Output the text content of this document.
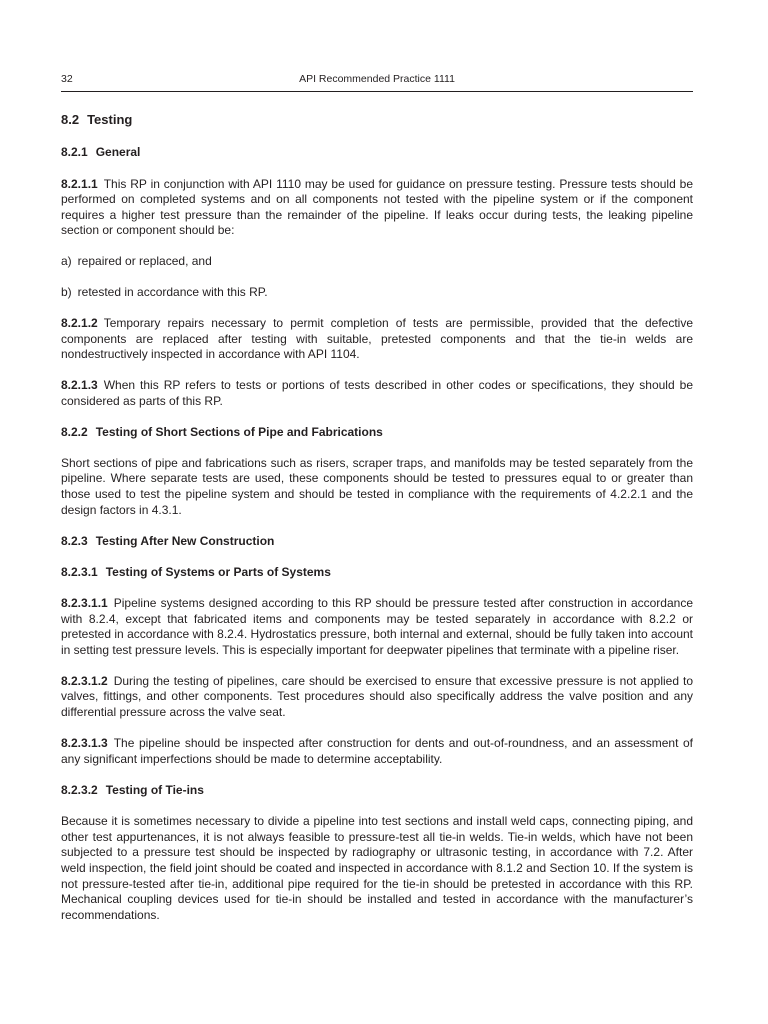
32	API Recommended Practice 1111
8.2 Testing
8.2.1 General

8.2.1.1 This RP in conjunction with API 1110 may be used for guidance on pressure testing. Pressure tests should be performed on completed systems and on all components not tested with the pipeline system or if the component requires a higher test pressure than the remainder of the pipeline. If leaks occur during tests, the leaking pipeline section or component should be:

a) repaired or replaced, and

b) retested in accordance with this RP.

8.2.1.2 Temporary repairs necessary to permit completion of tests are permissible, provided that the defective components are replaced after testing with suitable, pretested components and that the tie-in welds are nondestructively inspected in accordance with API 1104.

8.2.1.3 When this RP refers to tests or portions of tests described in other codes or specifications, they should be considered as parts of this RP.

8.2.2 Testing of Short Sections of Pipe and Fabrications

Short sections of pipe and fabrications such as risers, scraper traps, and manifolds may be tested separately from the pipeline. Where separate tests are used, these components should be tested to pressures equal to or greater than those used to test the pipeline system and should be tested in compliance with the requirements of 4.2.2.1 and the design factors in 4.3.1.

8.2.3 Testing After New Construction
8.2.3.1 Testing of Systems or Parts of Systems

8.2.3.1.1 Pipeline systems designed according to this RP should be pressure tested after construction in accordance with 8.2.4, except that fabricated items and components may be tested separately in accordance with 8.2.2 or pretested in accordance with 8.2.4. Hydrostatics pressure, both internal and external, should be fully taken into account in setting test pressure levels. This is especially important for deepwater pipelines that terminate with a pipeline riser.

8.2.3.1.2 During the testing of pipelines, care should be exercised to ensure that excessive pressure is not applied to valves, fittings, and other components. Test procedures should also specifically address the valve position and any differential pressure across the valve seat.

8.2.3.1.3 The pipeline should be inspected after construction for dents and out-of-roundness, and an assessment of any significant imperfections should be made to determine acceptability.

8.2.3.2 Testing of Tie-ins

Because it is sometimes necessary to divide a pipeline into test sections and install weld caps, connecting piping, and other test appurtenances, it is not always feasible to pressure-test all tie-in welds. Tie-in welds, which have not been subjected to a pressure test should be inspected by radiography or ultrasonic testing, in accordance with 7.2. After weld inspection, the field joint should be coated and inspected in accordance with 8.1.2 and Section 10. If the system is not pressure-tested after tie-in, additional pipe required for the tie-in should be pretested in accordance with this RP. Mechanical coupling devices used for tie-in should be installed and tested in accordance with the manufacturer’s recommendations.
